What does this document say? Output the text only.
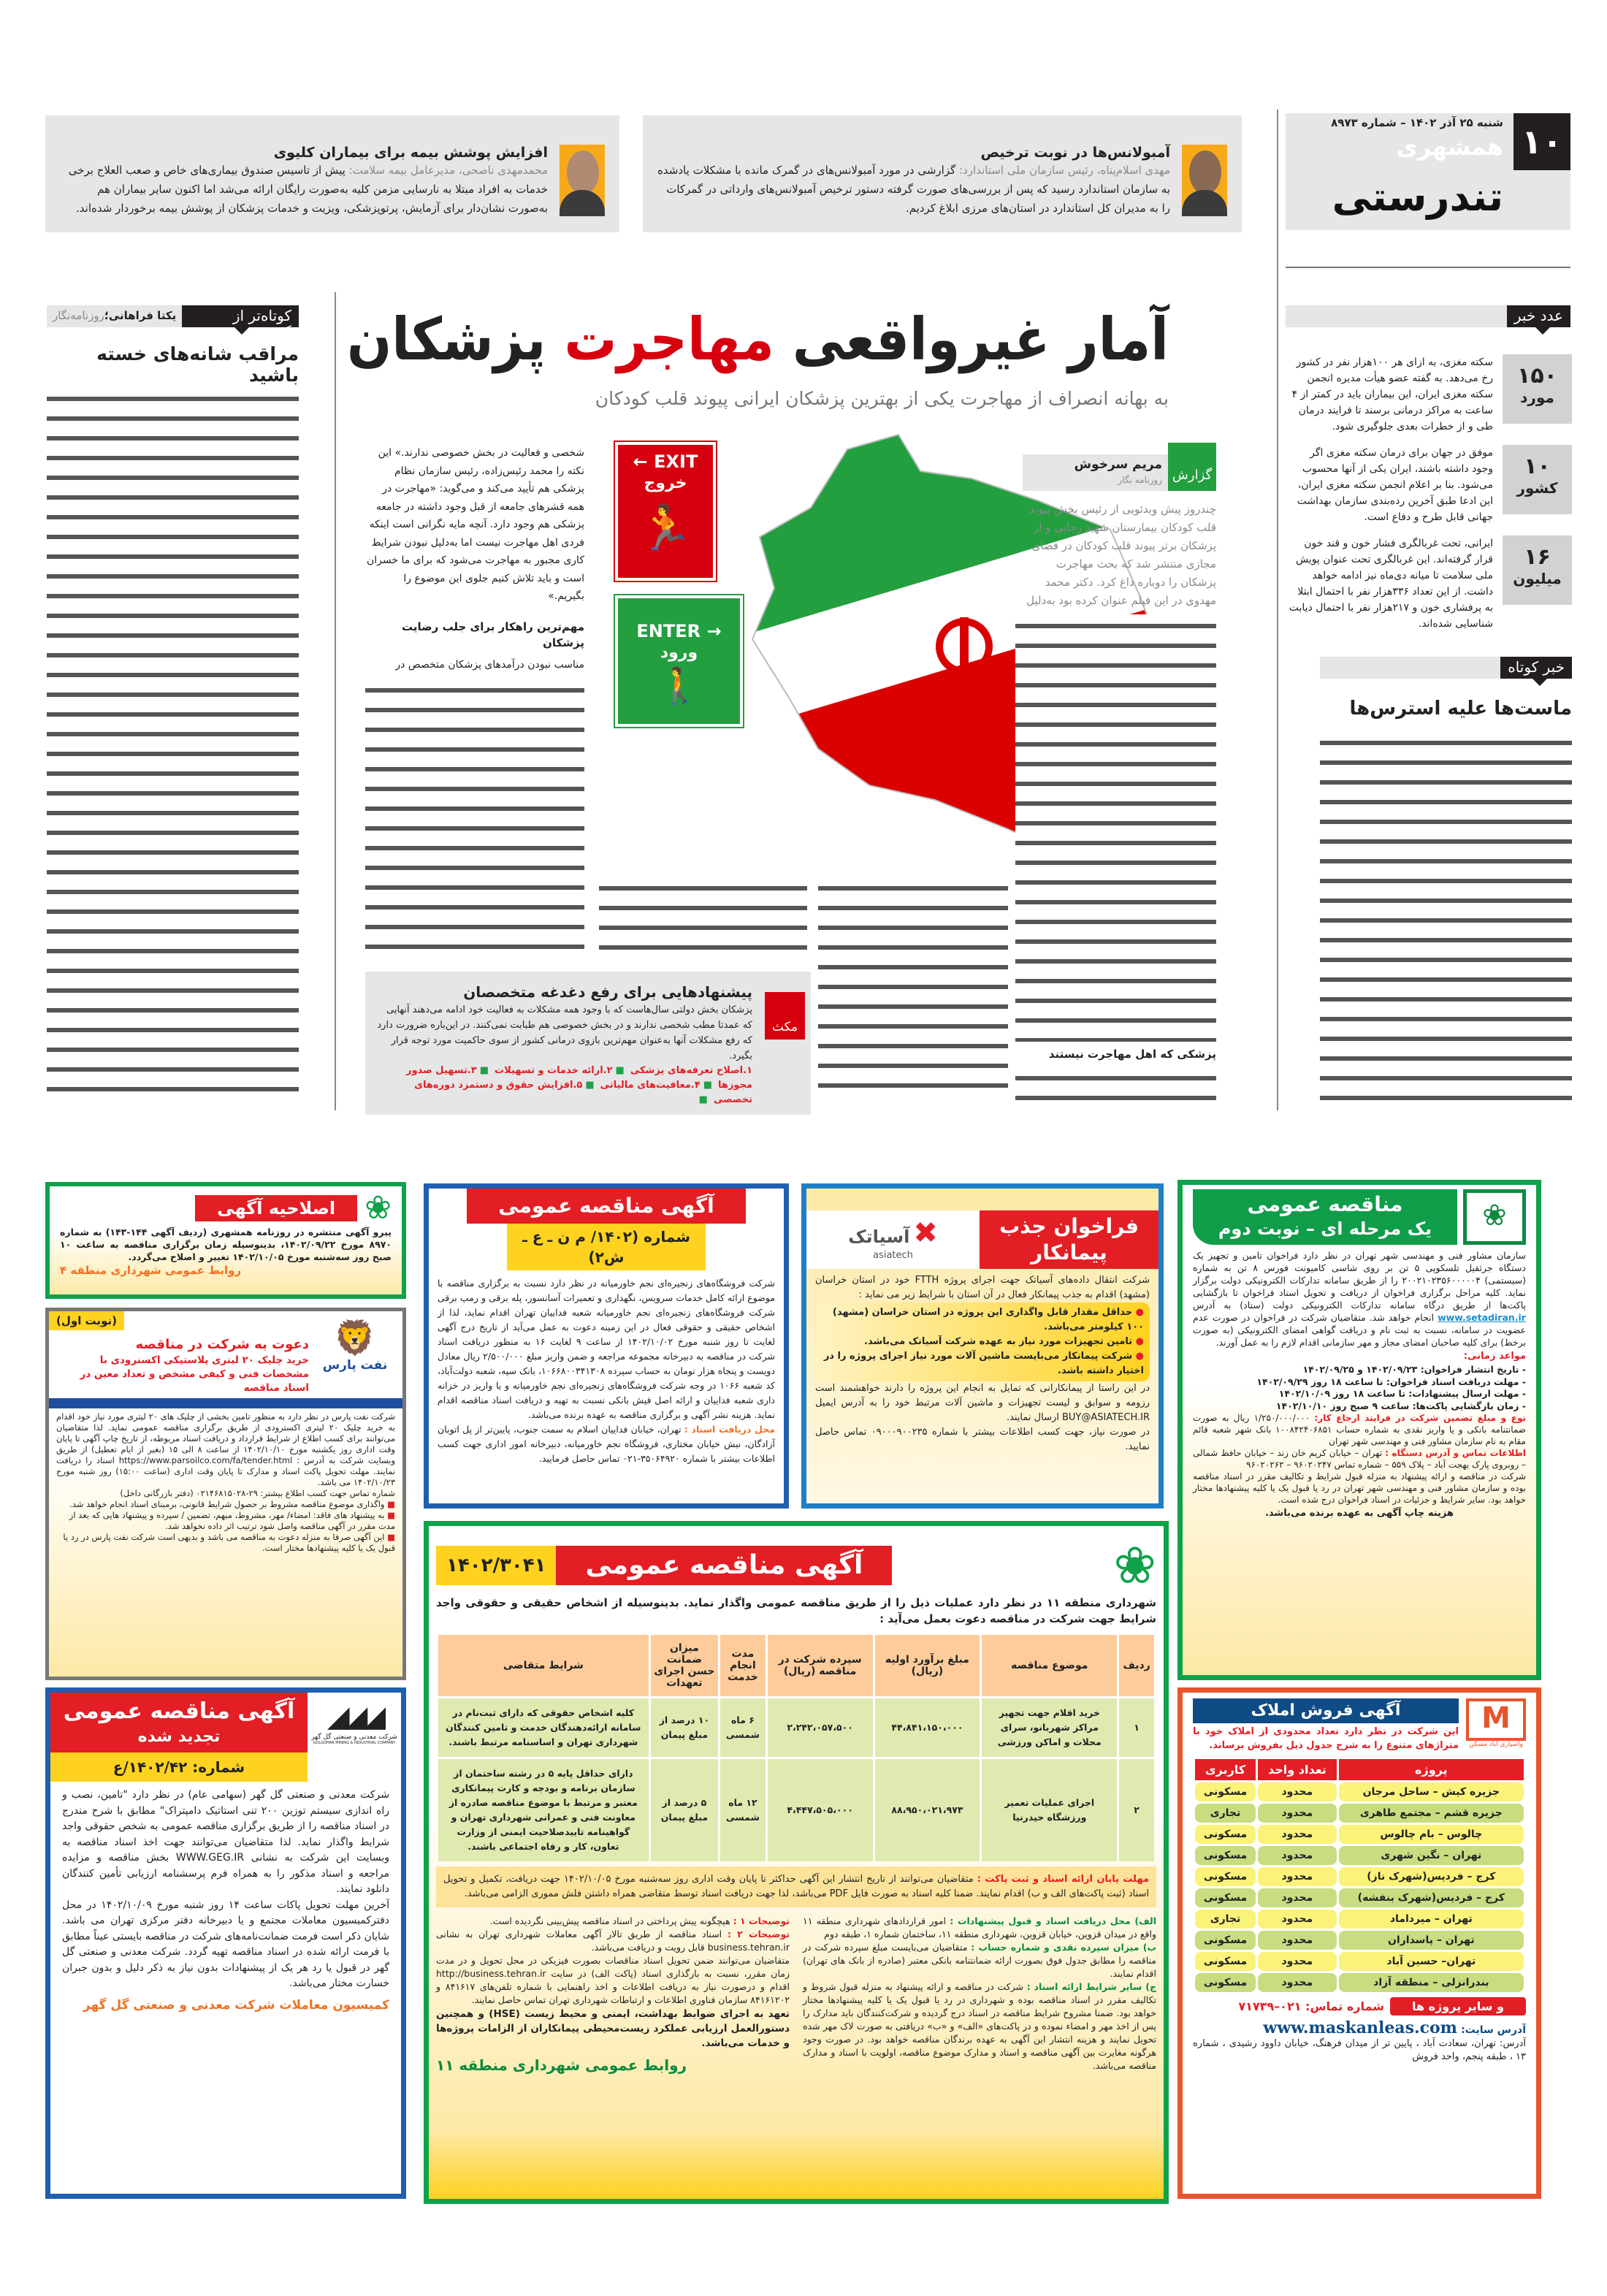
۱۰
شنبه ۲۵ آذر ۱۴۰۲ – شماره ۸۹۷۳
همشهری
تندرستی
عدد خبر
۱۵۰
مورد

سکته مغزی، به ازای هر ۱۰۰هزار نفر در کشور رخ می‌دهد. به گفته عضو هیأت مدیره انجمن سکته مغزی ایران، این بیماران باید در کمتر از ۴ ساعت به مراکز درمانی برسند تا فرایند درمان طی و از خطرات بعدی جلوگیری شود.

۱۰
کشور

موفق در جهان برای درمان سکته مغزی اگر وجود داشته باشند، ایران یکی از آنها محسوب می‌شود. بنا بر اعلام انجمن سکته مغزی ایران، این ادعا طبق آخرین رده‌بندی سازمان بهداشت جهانی قابل طرح و دفاع است.

۱۶
میلیون

ایرانی، تحت غربالگری فشار خون و قند خون قرار گرفته‌اند. این غربالگری تحت عنوان پویش ملی سلامت تا میانه دی‌ماه نیز ادامه خواهد داشت. از این تعداد ۳۳۶هزار نفر با احتمال ابتلا به پرفشاری خون و ۲۱۷هزار نفر با احتمال دیابت شناسایی شده‌اند.

خبر کوتاه
ماست‌ها علیه استرس‌ها
آمبولانس‌ها در نوبت ترخیص

مهدی اسلام‌پناه، رئیس سازمان ملی استاندارد: گزارشی در مورد آمبولانس‌های در گمرک مانده با مشکلات یادشده به سازمان استاندارد رسید که پس از بررسی‌های صورت گرفته دستور ترخیص آمبولانس‌های وارداتی در گمرکات را به مدیران کل استاندارد در استان‌های مرزی ابلاغ کردیم.

افزایش پوشش بیمه برای بیماران کلیوی

محمدمهدی ناصحی، مدیرعامل بیمه سلامت: پیش از تاسیس صندوق بیماری‌های خاص و صعب العلاج برخی خدمات به افراد مبتلا به نارسایی مزمن کلیه به‌صورت رایگان ارائه می‌شد اما اکنون سایر بیماران هم به‌صورت نشان‌دار برای آزمایش، پرتوپزشکی، ویزیت و خدمات پزشکان از پوشش بیمه برخوردار شده‌اند.

کوتاه‌تر از گزارش
یکتا فراهانی؛روزنامه‌نگار
مراقب شانه‌های خسته باشید
آمار غیرواقعی مهاجرت پزشکان
به بهانه انصراف از مهاجرت یکی از بهترین پزشکان ایرانی پیوند قلب کودکان
← EXIT
خروج
🏃
ENTER →
ورود
🚶
گزارش
مریم سرخوش
روزنامه نگار
چندروز پیش ویدئویی از رئیس بخش پیوند قلب کودکان بیمارستان شهید رجایی و از پزشکان برتر پیوند قلب کودکان در فضای مجازی منتشر شد که بحث مهاجرت پزشکان را دوباره داغ کرد. دکتر محمد مهدوی در این فیلم عنوان کرده بود به‌دلیل
پزشکی که اهل مهاجرت نیستند
شخصی و فعالیت در بخش خصوصی ندارند.» این نکته را محمد رئیس‌زاده، رئیس سازمان نظام پزشکی هم تأیید می‌کند و می‌گوید: «مهاجرت در همه قشرهای جامعه از قبل وجود داشته در جامعه پزشکی هم وجود دارد. آنچه مایه نگرانی است اینکه فردی اهل مهاجرت نیست اما به‌دلیل نبودن شرایط کاری مجبور به مهاجرت می‌شود که برای ما خسران است و باید تلاش کنیم جلوی این موضوع را بگیریم.»
مهم‌ترین راهکار برای جلب رضایت پزشکان
مناسب نبودن درآمدهای پزشکان متخصص در
مکث
پیشنهادهایی برای رفع دغدغه متخصصان
پزشکان بخش دولتی سال‌هاست که با وجود همه مشکلات به فعالیت خود ادامه می‌دهند آنهایی که عمدتا مطب شخصی ندارند و در بخش خصوصی هم طبابت نمی‌کنند. در این‌باره ضرورت دارد که رفع مشکلات آنها به‌عنوان مهم‌ترین بازوی درمانی کشور از سوی حاکمیت مورد توجه قرار بگیرد.
۱.اصلاح تعرفه‌های پزشکی■۲.ارائه خدمات و تسهیلات■۳.تسهیل صدور مجوزها■۴.معافیت‌های مالیاتی■۵.افزایش حقوق و دستمزد دوره‌های تخصصی■
❀
مناقصه عمومی
یک مرحله ای – نوبت دوم

سازمان مشاور فنی و مهندسی شهر تهران در نظر دارد فراخوان تامین و تجهیز یک دستگاه جرثقیل تلسکوپی ۵ تن بر روی شاسی کامیونت فورس ۸ تن به شماره (سیستمی) ۲۰۰۲۱۰۲۳۵۶۰۰۰۰۰۴ را از طریق سامانه تدارکات الکترونیکی دولت برگزار نماید. کلیه مراحل برگزاری فراخوان از دریافت و تحویل اسناد فراخوان تا بازگشایی پاکت‌ها از طریق درگاه سامانه تدارکات الکترونیکی دولت (ستاد) به آدرس www.setadiran.ir انجام خواهد شد. متقاضیان شرکت در فراخوان در صورت عدم عضویت در سامانه، نسبت به ثبت نام و دریافت گواهی امضای الکترونیکی (به صورت برخط) برای کلیه صاحبان امضای مجاز و مهر سازمانی اقدام لازم را به عمل آورند.

مواعد زمانی:

- تاریخ انتشار فراخوان: ۱۴۰۲/۰۹/۲۳ و ۱۴۰۲/۰۹/۲۵
- مهلت دریافت اسناد فراخوان: تا ساعت ۱۸ روز ۱۴۰۲/۰۹/۲۹
- مهلت ارسال پیشنهادات: تا ساعت ۱۸ روز ۱۴۰۲/۱۰/۰۹
- زمان بازگشایی پاکت‌ها: ساعت ۹ صبح روز ۱۴۰۲/۱۰/۱۰

نوع و مبلغ تضمین شرکت در فرایند ارجاع کار: ۱/۲۵۰/۰۰۰/۰۰۰ ریال به صورت ضمانتنامه بانکی و یا واریز نقدی به شماره حساب ۱۰۰۸۴۲۴۰۶۸۵۱ بانک شهر شعبه قائم مقام به نام سازمان مشاور فنی و مهندسی شهر تهران

اطلاعات تماس و آدرس دستگاه : تهران – خیابان کریم خان زند – خیابان حافظ شمالی – روبروی پارک بهجت آباد – پلاک ۵۵۹ – شماره تماس ۹۶۰۲۰۲۴۷ – ۹۶۰۲۰۲۶۲

شرکت در مناقصه و ارائه پیشنهاد به منزله قبول شرایط و تکالیف مقرر در اسناد مناقصه بوده و سازمان مشاور فنی و مهندسی شهر تهران در رد یا قبول یک یا کلیه پیشنهادها مختار خواهد بود. سایر شرایط و جزئیات در اسناد فراخوان درج شده است.

هزینه چاپ آگهی به عهده برنده می‌باشد.

فراخوان جذب
پیمانکار
✖ آسیاتک
asiatech

شرکت انتقال داده‌های آسیاتک جهت اجرای پروژه FTTH خود در استان خراسان (مشهد) اقدام به جذب پیمانکار فعال در آن استان با شرایط زیر می نماید :

● حداقل مقدار قابل واگذاری این پروژه در استان خراسان (مشهد) ۱۰۰ کیلومتر می‌باشد.
● تامین تجهیزات مورد نیاز به عهده شرکت آسیاتک می‌باشد.
● شرکت پیمانکار می‌بایست ماشین آلات مورد نیاز اجرای پروژه را در اختیار داشته باشد.

در این راستا از پیمانکارانی که تمایل به انجام این پروژه را دارند خواهشمند است رزومه و سوابق و لیست تجهیزات و ماشین آلات مرتبط خود را به آدرس ایمیل BUY@ASIATECH.IR ارسال نمایند.

در صورت نیاز، جهت کسب اطلاعات بیشتر با شماره ۰۹۰۰۰۹۰۰۲۳۵ تماس حاصل نمایید.

آگهی مناقصه عمومی
شماره (۱۴۰۲/ م ن ـ ع ـ ش۲)

شرکت فروشگاه‌های زنجیره‌ای نجم خاورمیانه در نظر دارد نسبت به برگزاری مناقصه با موضوع ارائه کامل خدمات سرویس، نگهداری و تعمیرات آسانسور، پله برقی و رمپ برقی شرکت فروشگاه‌های زنجیره‌ای نجم خاورمیانه شعبه فداییان تهران اقدام نماید، لذا از اشخاص حقیقی و حقوقی فعال در این زمینه دعوت به عمل می‌آید از تاریخ درج آگهی لغایت تا روز شنبه مورخ ۱۴۰۲/۱۰/۰۲ از ساعت ۹ لغایت ۱۶ به منظور دریافت اسناد شرکت در مناقصه به دبیرخانه مجموعه مراجعه و ضمن واریز مبلغ ۲/۵۰۰/۰۰۰ ریال معادل دویست و پنجاه هزار تومان به حساب سپرده ۱۰۶۶۸۰۰۳۴۱۳۰۸، بانک سپه، شعبه دولت‌آباد، کد شعبه ۱۰۶۶ در وجه شرکت فروشگاه‌های زنجیره‌ای نجم خاورمیانه و یا واریز در خزانه داری شعبه فداییان و ارائه اصل فیش بانکی نسبت به تهیه و دریافت اسناد مناقصه اقدام نماید. هزینه نشر آگهی و برگزاری مناقصه به عهده برنده می‌باشد.

محل دریافت اسناد : تهران، خیابان فداییان اسلام به سمت جنوب، پایین‌تر از پل اتوبان آزادگان، نبش خیابان مختاری، فروشگاه نجم خاورمیانه، دبیرخانه امور اداری جهت کسب اطلاعات بیشتر با شماره ۳۵۰۶۴۹۲۰-۰۲۱ تماس حاصل فرمایید.

❀
اصلاحیه آگهی

پیرو آگهی منتشره در روزنامه همشهری (ردیف آگهی ۱۴۴-۱۴۳) به شماره ۸۹۷۰ مورخ ۱۴۰۲/۰۹/۲۲، بدینوسیله زمان برگزاری مناقصه به ساعت ۱۰ صبح روز سه‌شنبه مورخ ۱۴۰۲/۱۰/۰۵ تغییر و اصلاح می‌گردد.

روابط عمومی شهرداری منطقه ۴
(نوبت اول)	🦁
نفت پارس
دعوت به شرکت در مناقصه
خرید چلیک ۲۰ لیتری پلاستیکی اکسترودی با مشخصات فنی و کیفی مشخص و تعداد معین در اسناد مناقصه

شرکت نفت پارس در نظر دارد به منظور تامین بخشی از چلیک های ۲۰ لیتری مورد نیاز خود اقدام به خرید چلیک ۲۰ لیتری اکسترودی از طریق برگزاری مناقصه عمومی نماید. لذا متقاضیان می‌توانند برای کسب اطلاع از شرایط قرارداد و دریافت اسناد مربوطه، از تاریخ چاپ آگهی تا پایان وقت اداری روز یکشنبه مورخ ۱۴۰۲/۱۰/۱۰ از ساعت ۸ الی ۱۵ (بغیر از ایام تعطیل) از طریق وبسایت شرکت به آدرس : https://www.parsoilco.com/fa/tender.html اسناد را دریافت نمایند. مهلت تحویل پاکت اسناد و مدارک تا پایان وقت اداری (ساعت ۱۵:۰۰) روز شنبه مورخ ۱۴۰۲/۱۰/۲۳ می باشد.

شماره تماس جهت کسب اطلاع بیشتر: ۲۹-۰۲۱۴۶۸۱۵۰۲۸ (دفتر بازرگانی داخل)

■ واگذاری موضوع مناقصه مشروط بر حصول شرایط قانونی، برمبنای اسناد انجام خواهد شد.
■ به پیشنهاد های فاقد: امضاء/ مهر، مشروط، مبهم، تضمین / سپرده و پیشنهاد هایی که بعد از مدت مقرر در آگهی مناقصه واصل شود ترتیب اثر داده نخواهد شد.
■ این آگهی صرفا به منزله دعوت به مناقصه می باشد و بدیهی است شرکت نفت پارس در رد یا قبول یک یا کلیه پیشنهادها مختار است.	❀
آگهی مناقصه عمومی
۱۴۰۲/۳۰۴۱

شهرداری منطقه ۱۱ در نظر دارد عملیات ذیل را از طریق مناقصه عمومی واگذار نماید. بدینوسیله از اشخاص حقیقی و حقوقی واجد شرایط جهت شرکت در مناقصه دعوت بعمل می‌آید :

ردیف	موضوع مناقصه	مبلغ برآورد اولیه (ریال)	سپرده شرکت در مناقصه (ریال)	مدت انجام خدمت	میزان ضمانت حسن اجرای تعهدات	شرایط متقاضی
۱	خرید اقلام جهت تجهیز مراکز شهربانو، سرای محلات و اماکن ورزشی	۴۴،۸۴۱،۱۵۰،۰۰۰	۲،۲۴۲،۰۵۷،۵۰۰	۶ ماه شمسی	۱۰ درصد از مبلغ پیمان	کلیه اشخاص حقوقی که دارای ثبت‌نام در سامانه ارائه‌دهندگان خدمت و تامین کنندگان شهرداری تهران و اساسنامه مرتبط باشند.
۲	اجرای عملیات تعمیر ورزشگاه حیدرنیا	۸۸،۹۵۰،۰۲۱،۹۷۳	۴،۴۴۷،۵۰۵،۰۰۰	۱۲ ماه شمسی	۵ درصد از مبلغ پیمان	دارای حداقل پایه ۵ در رشته ساختمان از سازمان برنامه و بودجه و کارت پیمانکاری معتبر و مرتبط با موضوع مناقصه صادره از معاونت فنی و عمرانی شهرداری تهران و گواهینامه تاییدصلاحیت ایمنی از وزارت تعاون، کار و رفاه اجتماعی باشند.

مهلت پایان ارائه اسناد و ثبت پاکت : متقاضیان می‌توانند از تاریخ انتشار این آگهی حداکثر تا پایان وقت اداری روز سه‌شنبه مورخ ۱۴۰۲/۱۰/۰۵ جهت دریافت، تکمیل و تحویل اسناد (ثبت پاکت‌های الف و ب) اقدام نمایند. ضمنا کلیه اسناد به صورت فایل PDF می‌باشد، لذا جهت دریافت اسناد توسط متقاضی همراه داشتن فلش مموری الزامی می‌باشد.

الف) محل دریافت اسناد و قبول پیشنهادات : امور قراردادهای شهرداری منطقه ۱۱ واقع در میدان قزوین، خیابان قزوین، شهرداری منطقه ۱۱، ساختمان شماره ۱، طبقه دوم

ب) میزان سپرده نقدی و شماره حساب : متقاضیان می‌بایست مبلغ سپرده شرکت در مناقصه را مطابق جدول فوق بصورت ارائه ضمانتنامه بانکی معتبر (صادره از بانک های تهران) اقدام نمایند.

ج) سایر شرایط ارائه اسناد : شرکت در مناقصه و ارائه پیشنهاد به منزله قبول شروط و تکالیف مقرر در اسناد مناقصه بوده و شهرداری در رد یا قبول یک یا کلیه پیشنهادها مختار خواهد بود. ضمنا مشروح شرایط مناقصه در اسناد درج گردیده و شرکت‌کنندگان باید مدارک را پس از اخذ مهر و امضاء نموده و در پاکت‌های «الف» و «ب» دریافتی به صورت لاک مهر شده تحویل نمایند و هزینه انتشار این آگهی به عهده برندگان مناقصه خواهد بود. در صورت وجود هرگونه مغایرت بین آگهی مناقصه و اسناد و مدارک موضوع مناقصه، اولویت با اسناد و مدارک مناقصه می‌باشد.

توضیحات ۱ : هیچگونه پیش پرداختی در اسناد مناقصه پیش‌بینی نگردیده است.

توضیحات ۲ : اسناد مناقصه از طریق تالار آگهی معاملات شهرداری تهران به نشانی business.tehran.ir قابل رویت و دریافت می‌باشد.

متقاضیان می‌توانند ضمن تحویل اسناد مناقصات بصورت فیزیکی در محل تحویل و در مدت زمان مقرر، نسبت به بارگذاری اسناد (پاکت الف) در سایت http://business.tehran.ir اقدام و درصورت نیاز به دریافت اطلاعات و اخذ راهنمایی با شماره تلفن‌های ۸۴۱۶۱۷ و ۸۴۱۶۱۲۰۲ سازمان فناوری اطلاعات و ارتباطات شهرداری تهران تماس حاصل نمایند.

تعهد به اجرای ضوابط بهداشت، ایمنی و محیط زیست (HSE) و همچنین دستورالعمل ارزیابی عملکرد زیست‌محیطی پیمانکاران از الزامات پروژه‌ها و خدمات می‌باشد.

روابط عمومی شهرداری منطقه ۱۱
M
واسپاری آباد مسکن
آگهی فروش املاک

این شرکت در نظر دارد تعداد محدودی از املاک خود با متراژهای متنوع را به شرح جدول ذیل بفروش برساند.

پروژه	تعداد واحد	کاربری
جزیره کیش – ساحل مرجان	محدود	مسکونی
جزیره قشم – مجتمع طاهری	محدود	تجاری
چالوس – بام چالوس	محدود	مسکونی
تهران – نگین شهری	محدود	مسکونی
کرج – فردیس(شهرک ناز)	محدود	مسکونی
کرج – فردیس(شهرک بنفشه)	محدود	مسکونی
تهران – میرداماد	محدود	تجاری
تهران – پاسداران	محدود	مسکونی
تهران– حسین آباد	محدود	مسکونی
بندرانزلی – منطقه آزاد	محدود	مسکونی
و سایر پروژه ها
شماره تماس: ۰۲۱–۷۱۷۳۹
آدرس سایت: www.maskanleas.com

آدرس: تهران، سعادت آباد ، پایین تر از میدان فرهنگ، خیابان داوود رشیدی ، شماره ۱۳ ، طبقه پنجم، واحد فروش

◢◢◢
شرکت معدنی و صنعتی گل گهر
GOLGOHAR MINING & INDUSTRIAL COMPANY
آگهی مناقصه عمومی
تجدید شده
شماره: ۱۴۰۲/۴۲/ع

شرکت معدنی و صنعتی گل گهر (سهامی عام) در نظر دارد "تامین، نصب و راه اندازی سیستم توزین ۲۰۰ تنی استاتیک دامپتراک" مطابق با شرح مندرج در اسناد مناقصه را از طریق برگزاری مناقصه عمومی به شخص حقوقی واجد شرایط واگذار نماید. لذا متقاضیان می‌توانند جهت اخذ اسناد مناقصه به وبسایت این شرکت به نشانی WWW.GEG.IR بخش مناقصه و مزایده مراجعه و اسناد مذکور را به همراه فرم پرسشنامه ارزیابی تأمین کنندگان دانلود نمایند.

آخرین مهلت تحویل پاکات ساعت ۱۴ روز شنبه مورخ ۱۴۰۲/۱۰/۰۹ در محل دفترکمیسیون معاملات مجتمع و یا دبیرخانه دفتر مرکزی تهران می باشد. شایان ذکر است فرمت ضمانت‌نامه‌های شرکت در مناقصه بایستی عیناً مطابق با فرمت ارائه شده در اسناد مناقصه تهیه گردد. شرکت معدنی و صنعتی گل گهر در قبول یا رد هر یک از پیشنهادات بدون نیاز به ذکر دلیل و بدون جبران خسارت مختار می‌باشد.

کمیسیون معاملات شرکت معدنی و صنعتی گل گهر
